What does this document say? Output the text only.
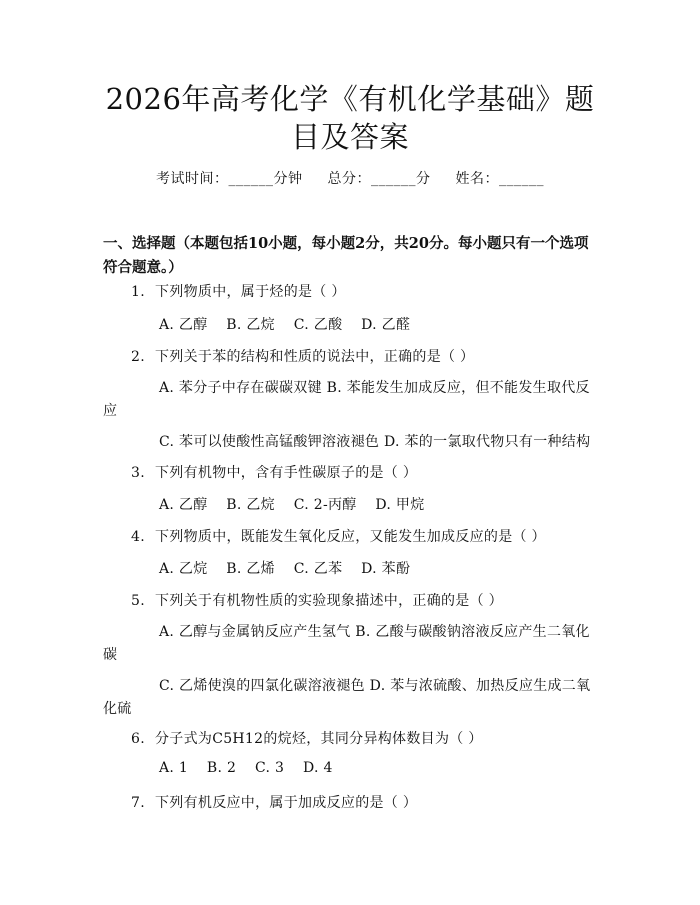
2026年高考化学《有机化学基础》题目及答案
考试时间：______分钟 总分：______分 姓名：______
一、选择题（本题包括10小题，每小题2分，共20分。每小题只有一个选项符合题意。）
1. 下列物质中，属于烃的是（ ）
A. 乙醇 B. 乙烷 C. 乙酸 D. 乙醛
2. 下列关于苯的结构和性质的说法中，正确的是（ ）
A. 苯分子中存在碳碳双键 B. 苯能发生加成反应，但不能发生取代反
应
C. 苯可以使酸性高锰酸钾溶液褪色 D. 苯的一氯取代物只有一种结构
3. 下列有机物中，含有手性碳原子的是（ ）
A. 乙醇 B. 乙烷 C. 2-丙醇 D. 甲烷
4. 下列物质中，既能发生氧化反应，又能发生加成反应的是（ ）
A. 乙烷 B. 乙烯 C. 乙苯 D. 苯酚
5. 下列关于有机物性质的实验现象描述中，正确的是（ ）
A. 乙醇与金属钠反应产生氢气 B. 乙酸与碳酸钠溶液反应产生二氧化
碳
C. 乙烯使溴的四氯化碳溶液褪色 D. 苯与浓硫酸、加热反应生成二氧
化硫
6. 分子式为C5H12的烷烃，其同分异构体数目为（ ）
A. 1 B. 2 C. 3 D. 4
7. 下列有机反应中，属于加成反应的是（ ）
